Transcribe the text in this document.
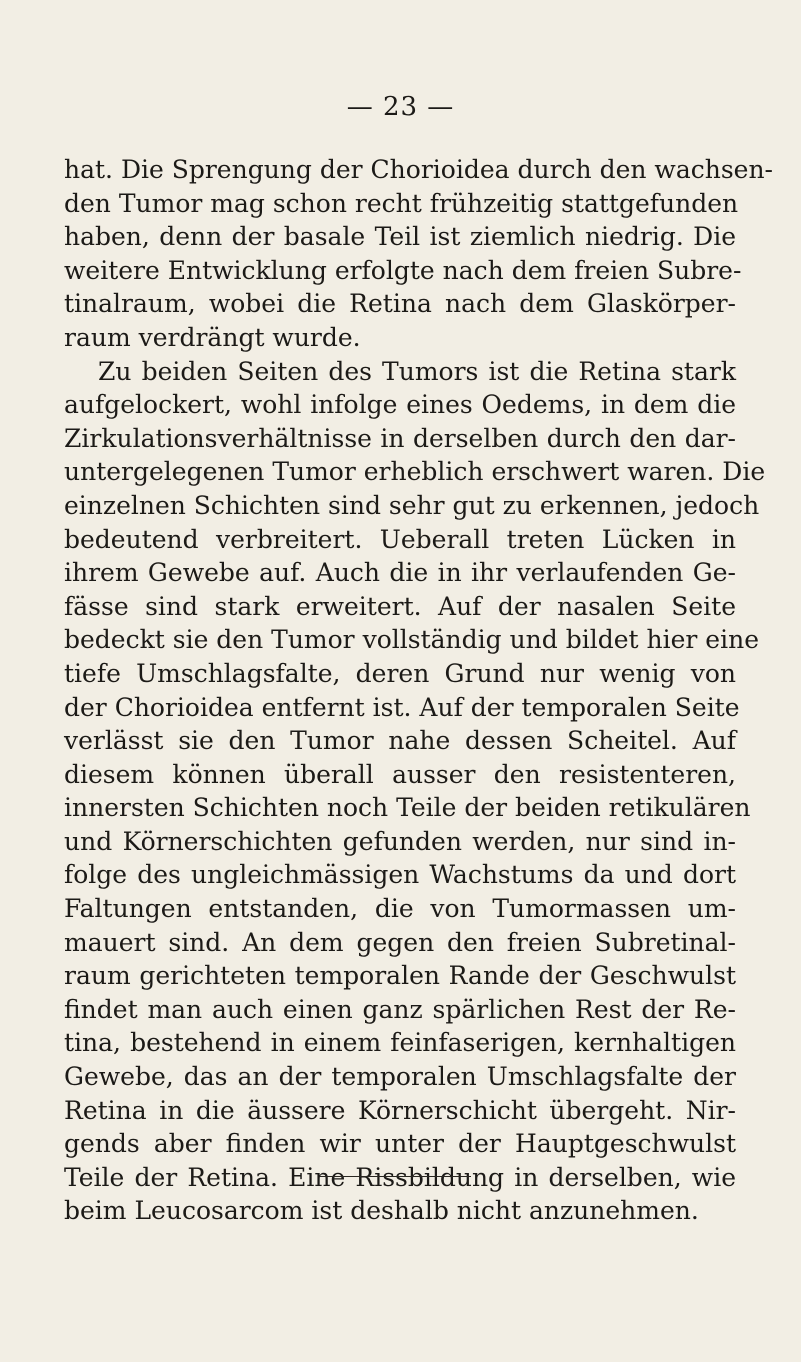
— 23 —
hat. Die Sprengung der Chorioidea durch den wachsen-
den Tumor mag schon recht frühzeitig stattgefunden
haben, denn der basale Teil ist ziemlich niedrig. Die
weitere Entwicklung erfolgte nach dem freien Subre-
tinalraum, wobei die Retina nach dem Glaskörper-
raum verdrängt wurde.
Zu beiden Seiten des Tumors ist die Retina stark
aufgelockert, wohl infolge eines Oedems, in dem die
Zirkulationsverhältnisse in derselben durch den dar-
untergelegenen Tumor erheblich erschwert waren. Die
einzelnen Schichten sind sehr gut zu erkennen, jedoch
bedeutend verbreitert. Ueberall treten Lücken in
ihrem Gewebe auf. Auch die in ihr verlaufenden Ge-
fässe sind stark erweitert. Auf der nasalen Seite
bedeckt sie den Tumor vollständig und bildet hier eine
tiefe Umschlagsfalte, deren Grund nur wenig von
der Chorioidea entfernt ist. Auf der temporalen Seite
verlässt sie den Tumor nahe dessen Scheitel. Auf
diesem können überall ausser den resistenteren,
innersten Schichten noch Teile der beiden retikulären
und Körnerschichten gefunden werden, nur sind in-
folge des ungleichmässigen Wachstums da und dort
Faltungen entstanden, die von Tumormassen um-
mauert sind. An dem gegen den freien Subretinal-
raum gerichteten temporalen Rande der Geschwulst
findet man auch einen ganz spärlichen Rest der Re-
tina, bestehend in einem feinfaserigen, kernhaltigen
Gewebe, das an der temporalen Umschlagsfalte der
Retina in die äussere Körnerschicht übergeht. Nir-
gends aber finden wir unter der Hauptgeschwulst
Teile der Retina. Eine Rissbildung in derselben, wie
beim Leucosarcom ist deshalb nicht anzunehmen.
